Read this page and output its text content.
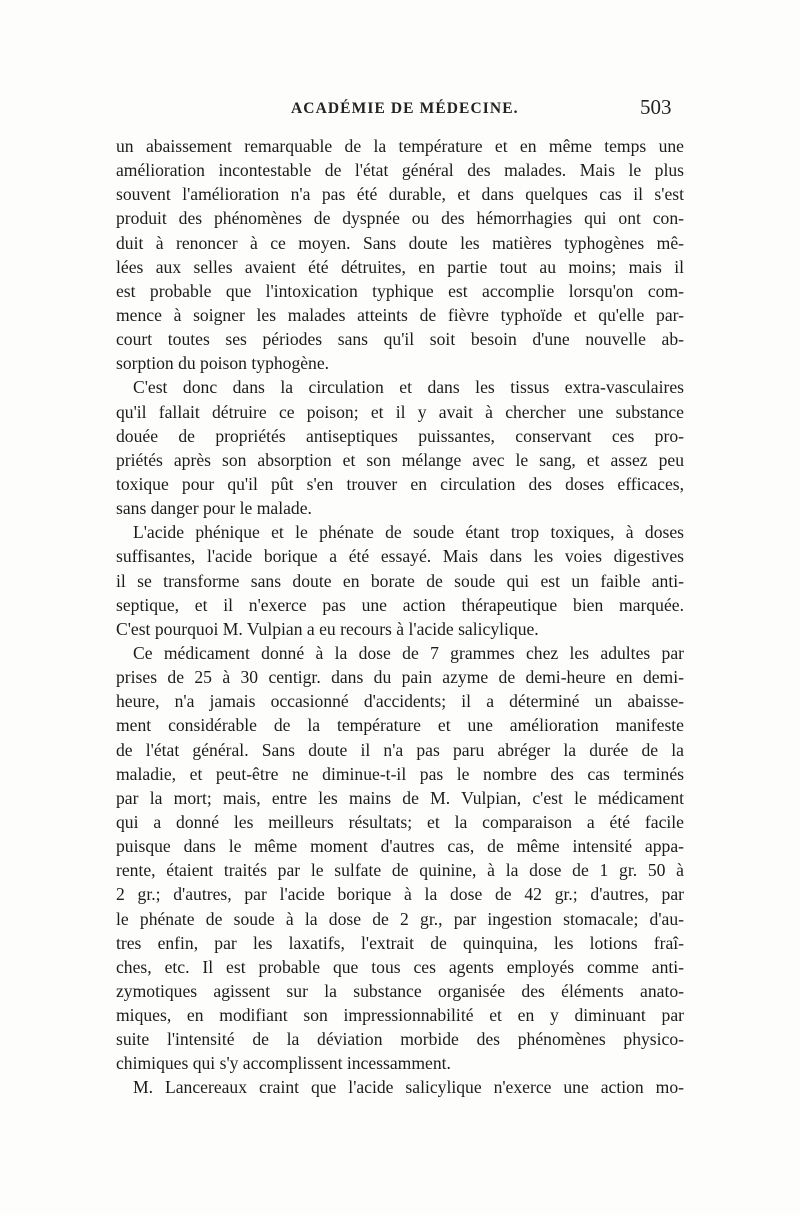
ACADÉMIE DE MÉDECINE.	503
un abaissement remarquable de la température et en même temps une
amélioration incontestable de l'état général des malades. Mais le plus
souvent l'amélioration n'a pas été durable, et dans quelques cas il s'est
produit des phénomènes de dyspnée ou des hémorrhagies qui ont con-
duit à renoncer à ce moyen. Sans doute les matières typhogènes mê-
lées aux selles avaient été détruites, en partie tout au moins; mais il
est probable que l'intoxication typhique est accomplie lorsqu'on com-
mence à soigner les malades atteints de fièvre typhoïde et qu'elle par-
court toutes ses périodes sans qu'il soit besoin d'une nouvelle ab-
sorption du poison typhogène.
C'est donc dans la circulation et dans les tissus extra-vasculaires
qu'il fallait détruire ce poison; et il y avait à chercher une substance
douée de propriétés antiseptiques puissantes, conservant ces pro-
priétés après son absorption et son mélange avec le sang, et assez peu
toxique pour qu'il pût s'en trouver en circulation des doses efficaces,
sans danger pour le malade.
L'acide phénique et le phénate de soude étant trop toxiques, à doses
suffisantes, l'acide borique a été essayé. Mais dans les voies digestives
il se transforme sans doute en borate de soude qui est un faible anti-
septique, et il n'exerce pas une action thérapeutique bien marquée.
C'est pourquoi M. Vulpian a eu recours à l'acide salicylique.
Ce médicament donné à la dose de 7 grammes chez les adultes par
prises de 25 à 30 centigr. dans du pain azyme de demi-heure en demi-
heure, n'a jamais occasionné d'accidents; il a déterminé un abaisse-
ment considérable de la température et une amélioration manifeste
de l'état général. Sans doute il n'a pas paru abréger la durée de la
maladie, et peut-être ne diminue-t-il pas le nombre des cas terminés
par la mort; mais, entre les mains de M. Vulpian, c'est le médicament
qui a donné les meilleurs résultats; et la comparaison a été facile
puisque dans le même moment d'autres cas, de même intensité appa-
rente, étaient traités par le sulfate de quinine, à la dose de 1 gr. 50 à
2 gr.; d'autres, par l'acide borique à la dose de 42 gr.; d'autres, par
le phénate de soude à la dose de 2 gr., par ingestion stomacale; d'au-
tres enfin, par les laxatifs, l'extrait de quinquina, les lotions fraî-
ches, etc. Il est probable que tous ces agents employés comme anti-
zymotiques agissent sur la substance organisée des éléments anato-
miques, en modifiant son impressionnabilité et en y diminuant par
suite l'intensité de la déviation morbide des phénomènes physico-
chimiques qui s'y accomplissent incessamment.
M. Lancereaux craint que l'acide salicylique n'exerce une action mo-
